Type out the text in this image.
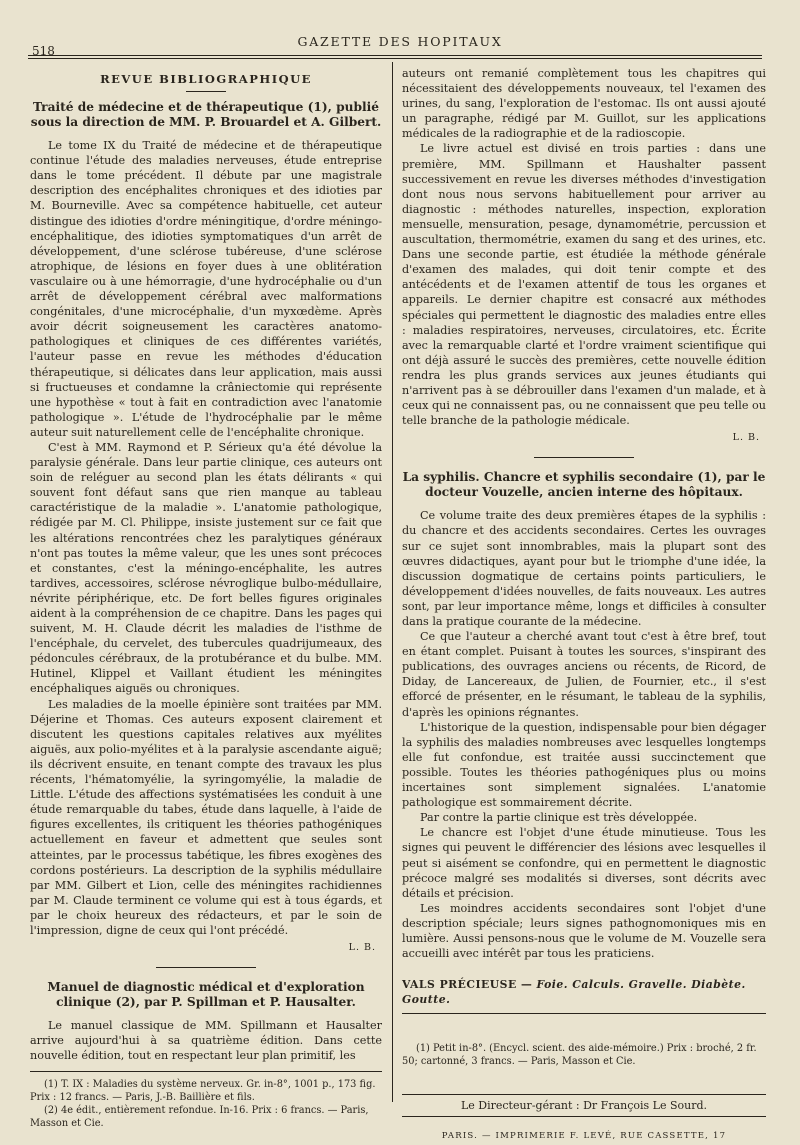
518
GAZETTE DES HOPITAUX
REVUE BIBLIOGRAPHIQUE
Traité de médecine et de thérapeutique (1), publié sous la direction de MM. P. Brouardel et A. Gilbert.

Le tome IX du Traité de médecine et de thérapeutique continue l'étude des maladies nerveuses, étude entreprise dans le tome précédent. Il débute par une magistrale description des encéphalites chroniques et des idioties par M. Bourneville. Avec sa compétence habituelle, cet auteur distingue des idioties d'ordre méningitique, d'ordre méningo-encéphalitique, des idioties symptomatiques d'un arrêt de développement, d'une sclérose tubéreuse, d'une sclérose atrophique, de lésions en foyer dues à une oblitération vasculaire ou à une hémorragie, d'une hydrocéphalie ou d'un arrêt de développement cérébral avec malformations congénitales, d'une microcéphalie, d'un myxœdème. Après avoir décrit soigneusement les caractères anatomo-pathologiques et cliniques de ces différentes variétés, l'auteur passe en revue les méthodes d'éducation thérapeutique, si délicates dans leur application, mais aussi si fructueuses et condamne la crâniectomie qui représente une hypothèse « tout à fait en contradiction avec l'anatomie pathologique ». L'étude de l'hydrocéphalie par le même auteur suit naturellement celle de l'encéphalite chronique.

C'est à MM. Raymond et P. Sérieux qu'a été dévolue la paralysie générale. Dans leur partie clinique, ces auteurs ont soin de reléguer au second plan les états délirants « qui souvent font défaut sans que rien manque au tableau caractéristique de la maladie ». L'anatomie pathologique, rédigée par M. Cl. Philippe, insiste justement sur ce fait que les altérations rencontrées chez les paralytiques généraux n'ont pas toutes la même valeur, que les unes sont précoces et constantes, c'est la méningo-encéphalite, les autres tardives, accessoires, sclérose névroglique bulbo-médullaire, névrite périphérique, etc. De fort belles figures originales aident à la compréhension de ce chapitre. Dans les pages qui suivent, M. H. Claude décrit les maladies de l'isthme de l'encéphale, du cervelet, des tubercules quadrijumeaux, des pédoncules cérébraux, de la protubérance et du bulbe. MM. Hutinel, Klippel et Vaillant étudient les méningites encéphaliques aiguës ou chroniques.

Les maladies de la moelle épinière sont traitées par MM. Déjerine et Thomas. Ces auteurs exposent clairement et discutent les questions capitales relatives aux myélites aiguës, aux polio-myélites et à la paralysie ascendante aiguë; ils décrivent ensuite, en tenant compte des travaux les plus récents, l'hématomyélie, la syringomyélie, la maladie de Little. L'étude des affections systématisées les conduit à une étude remarquable du tabes, étude dans laquelle, à l'aide de figures excellentes, ils critiquent les théories pathogéniques actuellement en faveur et admettent que seules sont atteintes, par le processus tabétique, les fibres exogènes des cordons postérieurs. La description de la syphilis médullaire par MM. Gilbert et Lion, celle des méningites rachidiennes par M. Claude terminent ce volume qui est à tous égards, et par le choix heureux des rédacteurs, et par le soin de l'impression, digne de ceux qui l'ont précédé.

L. B.
Manuel de diagnostic médical et d'exploration clinique (2), par P. Spillman et P. Hausalter.

Le manuel classique de MM. Spillmann et Hausalter arrive aujourd'hui à sa quatrième édition. Dans cette nouvelle édition, tout en respectant leur plan primitif, les

(1) T. IX : Maladies du système nerveux. Gr. in-8°, 1001 p., 173 fig. Prix : 12 francs. — Paris, J.-B. Baillière et fils.
(2) 4e édit., entièrement refondue. In-16. Prix : 6 francs. — Paris, Masson et Cie.

auteurs ont remanié complètement tous les chapitres qui nécessitaient des développements nouveaux, tel l'examen des urines, du sang, l'exploration de l'estomac. Ils ont aussi ajouté un paragraphe, rédigé par M. Guillot, sur les applications médicales de la radiographie et de la radioscopie.

Le livre actuel est divisé en trois parties : dans une première, MM. Spillmann et Haushalter passent successivement en revue les diverses méthodes d'investigation dont nous nous servons habituellement pour arriver au diagnostic : méthodes naturelles, inspection, exploration mensuelle, mensuration, pesage, dynamométrie, percussion et auscultation, thermométrie, examen du sang et des urines, etc. Dans une seconde partie, est étudiée la méthode générale d'examen des malades, qui doit tenir compte et des antécédents et de l'examen attentif de tous les organes et appareils. Le dernier chapitre est consacré aux méthodes spéciales qui permettent le diagnostic des maladies entre elles : maladies respiratoires, nerveuses, circulatoires, etc. Écrite avec la remarquable clarté et l'ordre vraiment scientifique qui ont déjà assuré le succès des premières, cette nouvelle édition rendra les plus grands services aux jeunes étudiants qui n'arrivent pas à se débrouiller dans l'examen d'un malade, et à ceux qui ne connaissent pas, ou ne connaissent que peu telle ou telle branche de la pathologie médicale.

L. B.
La syphilis. Chancre et syphilis secondaire (1), par le docteur Vouzelle, ancien interne des hôpitaux.

Ce volume traite des deux premières étapes de la syphilis : du chancre et des accidents secondaires. Certes les ouvrages sur ce sujet sont innombrables, mais la plupart sont des œuvres didactiques, ayant pour but le triomphe d'une idée, la discussion dogmatique de certains points particuliers, le développement d'idées nouvelles, de faits nouveaux. Les autres sont, par leur importance même, longs et difficiles à consulter dans la pratique courante de la médecine.

Ce que l'auteur a cherché avant tout c'est à être bref, tout en étant complet. Puisant à toutes les sources, s'inspirant des publications, des ouvrages anciens ou récents, de Ricord, de Diday, de Lancereaux, de Julien, de Fournier, etc., il s'est efforcé de présenter, en le résumant, le tableau de la syphilis, d'après les opinions régnantes.

L'historique de la question, indispensable pour bien dégager la syphilis des maladies nombreuses avec lesquelles longtemps elle fut confondue, est traitée aussi succinctement que possible. Toutes les théories pathogéniques plus ou moins incertaines sont simplement signalées. L'anatomie pathologique est sommairement décrite.

Par contre la partie clinique est très développée.

Le chancre est l'objet d'une étude minutieuse. Tous les signes qui peuvent le différencier des lésions avec lesquelles il peut si aisément se confondre, qui en permettent le diagnostic précoce malgré ses modalités si diverses, sont décrits avec détails et précision.

Les moindres accidents secondaires sont l'objet d'une description spéciale; leurs signes pathognomoniques mis en lumière. Aussi pensons-nous que le volume de M. Vouzelle sera accueilli avec intérêt par tous les praticiens.

VALS PRÉCIEUSE — Foie. Calculs. Gravelle. Diabète. Goutte.
(1) Petit in-8°. (Encycl. scient. des aide-mémoire.) Prix : broché, 2 fr. 50; cartonné, 3 francs. — Paris, Masson et Cie.
Le Directeur-gérant : Dr François Le Sourd.
PARIS. — IMPRIMERIE F. LEVÉ, RUE CASSETTE, 17
